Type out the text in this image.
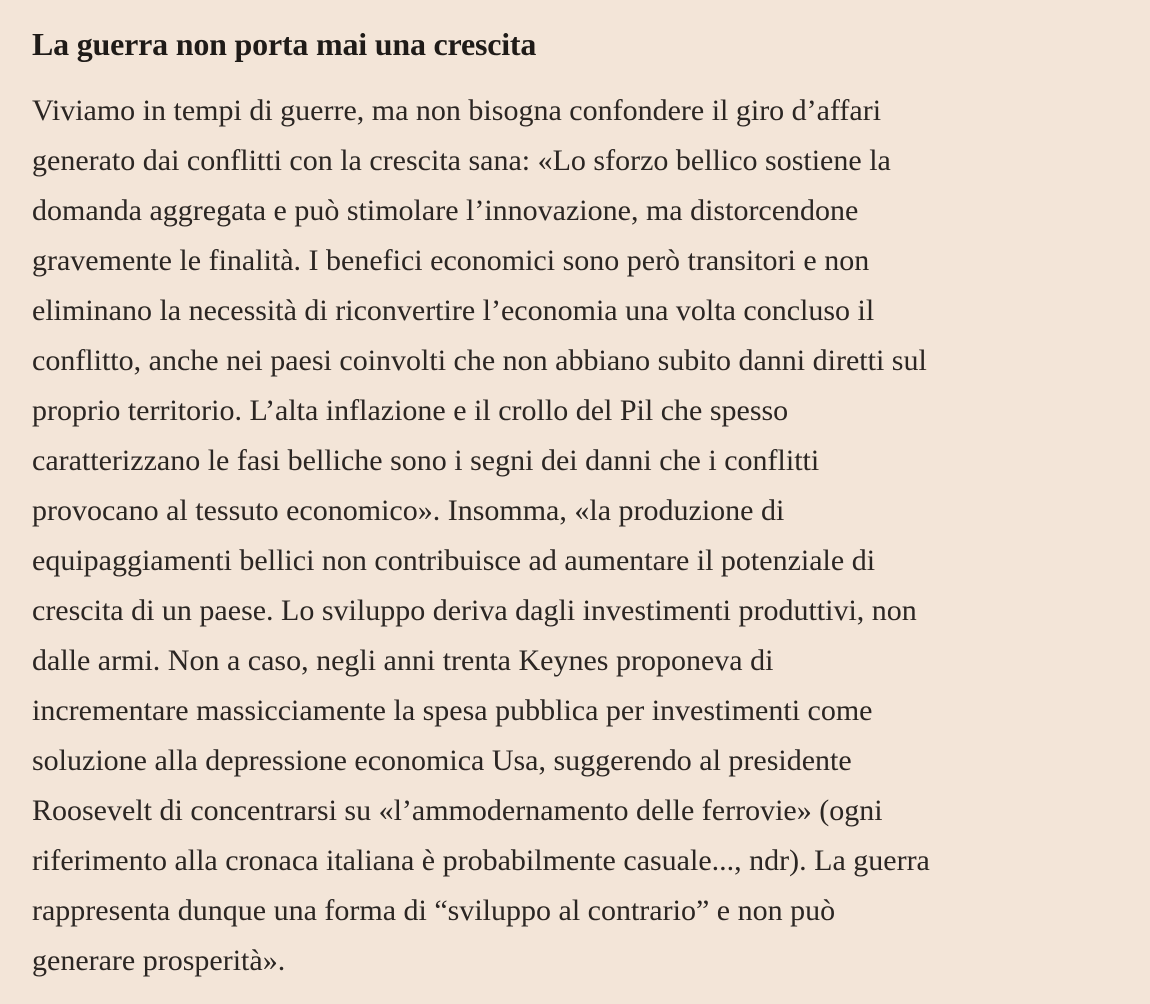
La guerra non porta mai una crescita

Viviamo in tempi di guerre, ma non bisogna confondere il giro d’affari
generato dai conflitti con la crescita sana: «Lo sforzo bellico sostiene la
domanda aggregata e può stimolare l’innovazione, ma distorcendone
gravemente le finalità. I benefici economici sono però transitori e non
eliminano la necessità di riconvertire l’economia una volta concluso il
conflitto, anche nei paesi coinvolti che non abbiano subito danni diretti sul
proprio territorio. L’alta inflazione e il crollo del Pil che spesso
caratterizzano le fasi belliche sono i segni dei danni che i conflitti
provocano al tessuto economico». Insomma, «la produzione di
equipaggiamenti bellici non contribuisce ad aumentare il potenziale di
crescita di un paese. Lo sviluppo deriva dagli investimenti produttivi, non
dalle armi. Non a caso, negli anni trenta Keynes proponeva di
incrementare massicciamente la spesa pubblica per investimenti come
soluzione alla depressione economica Usa, suggerendo al presidente
Roosevelt di concentrarsi su «l’ammodernamento delle ferrovie» (ogni
riferimento alla cronaca italiana è probabilmente casuale..., ndr). La guerra
rappresenta dunque una forma di “sviluppo al contrario” e non può
generare prosperità».
